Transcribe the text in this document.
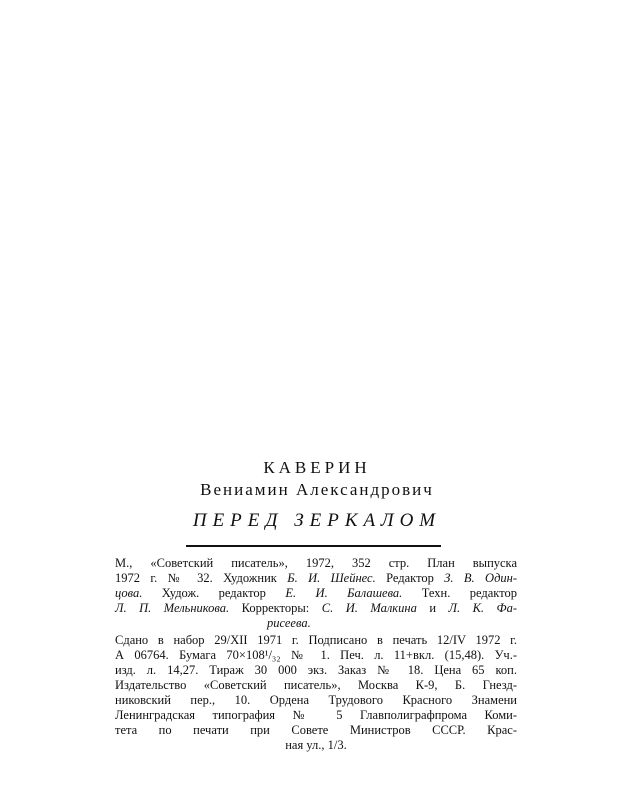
КАВЕРИН
Вениамин Александрович
ПЕРЕД ЗЕРКАЛОМ

М., «Советский писатель», 1972, 352 стр. План выпуска

1972 г. № 32. Художник Б. И. Шейнес. Редактор З. В. Один-

цова. Худож. редактор Е. И. Балашева. Техн. редактор

Л. П. Мельникова. Корректоры: С. И. Малкина и Л. К. Фа-

рисеева.

Сдано в набор 29/XII 1971 г. Подписано в печать 12/IV 1972 г.

А 06764. Бумага 70×108¹/₃₂ № 1. Печ. л. 11+вкл. (15,48). Уч.-

изд. л. 14,27. Тираж 30 000 экз. Заказ № 18. Цена 65 коп.

Издательство «Советский писатель», Москва К-9, Б. Гнезд-

никовский пер., 10. Ордена Трудового Красного Знамени

Ленинградская типография № 5 Главполиграфпрома Коми-

тета по печати при Совете Министров СССР. Крас-

ная ул., 1/3.
